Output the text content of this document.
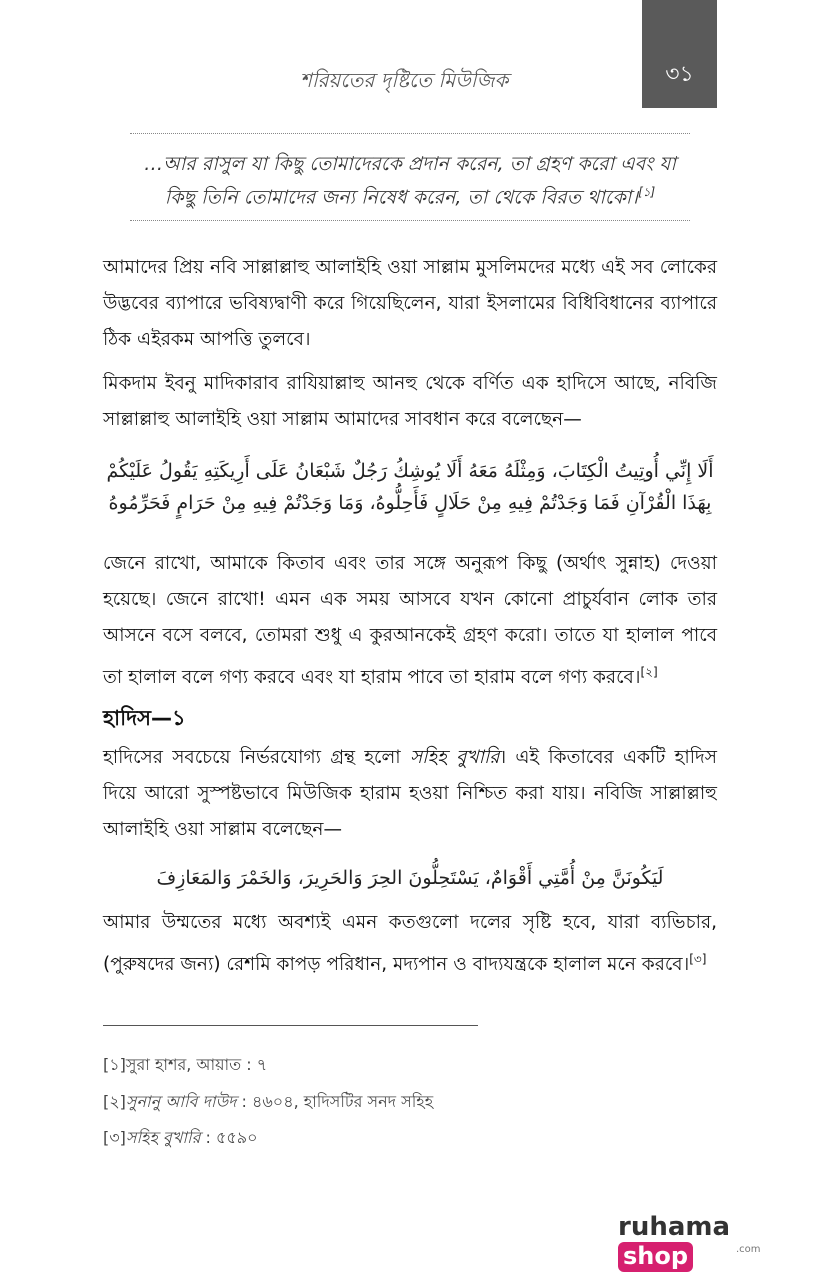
শরিয়তের দৃষ্টিতে মিউজিক	৩১
…আর রাসুল যা কিছু তোমাদেরকে প্রদান করেন, তা গ্রহণ করো এবং যা
কিছু তিনি তোমাদের জন্য নিষেধ করেন, তা থেকে বিরত থাকো।[১]
আমাদের প্রিয় নবি সাল্লাল্লাহু আলাইহি ওয়া সাল্লাম মুসলিমদের মধ্যে এই সব লোকের উদ্ভবের ব্যাপারে ভবিষ্যদ্বাণী করে গিয়েছিলেন, যারা ইসলামের বিধিবিধানের ব্যাপারে ঠিক এইরকম আপত্তি তুলবে।
মিকদাম ইবনু মাদিকারাব রাযিয়াল্লাহু আনহু থেকে বর্ণিত এক হাদিসে আছে, নবিজি সাল্লাল্লাহু আলাইহি ওয়া সাল্লাম আমাদের সাবধান করে বলেছেন—
أَلَا إِنِّي أُوتِيتُ الْكِتَابَ، وَمِثْلَهُ مَعَهُ أَلَا يُوشِكُ رَجُلٌ شَبْعَانُ عَلَى أَرِيكَتِهِ يَقُولُ عَلَيْكُمْ بِهَذَا الْقُرْآنِ فَمَا وَجَدْتُمْ فِيهِ مِنْ حَلَالٍ فَأَحِلُّوهُ، وَمَا وَجَدْتُمْ فِيهِ مِنْ حَرَامٍ فَحَرِّمُوهُ
জেনে রাখো, আমাকে কিতাব এবং তার সঙ্গে অনুরূপ কিছু (অর্থাৎ সুন্নাহ) দেওয়া হয়েছে। জেনে রাখো! এমন এক সময় আসবে যখন কোনো প্রাচুর্যবান লোক তার আসনে বসে বলবে, তোমরা শুধু এ কুরআনকেই গ্রহণ করো। তাতে যা হালাল পাবে তা হালাল বলে গণ্য করবে এবং যা হারাম পাবে তা হারাম বলে গণ্য করবে।[২]
হাদিস—১
হাদিসের সবচেয়ে নির্ভরযোগ্য গ্রন্থ হলো সহিহ বুখারি। এই কিতাবের একটি হাদিস দিয়ে আরো সুস্পষ্টভাবে মিউজিক হারাম হওয়া নিশ্চিত করা যায়। নবিজি সাল্লাল্লাহু আলাইহি ওয়া সাল্লাম বলেছেন—
لَيَكُونَنَّ مِنْ أُمَّتِي أَقْوَامٌ، يَسْتَحِلُّونَ الحِرَ وَالحَرِيرَ، وَالخَمْرَ وَالمَعَازِفَ
আমার উম্মতের মধ্যে অবশ্যই এমন কতগুলো দলের সৃষ্টি হবে, যারা ব্যভিচার, (পুরুষদের জন্য) রেশমি কাপড় পরিধান, মদ্যপান ও বাদ্যযন্ত্রকে হালাল মনে করবে।[৩]
[১]সুরা হাশর, আয়াত : ৭
[২]সুনানু আবি দাউদ : ৪৬০৪, হাদিসটির সনদ সহিহ
[৩]সহিহ বুখারি : ৫৫৯০
ruhamashop	.com
